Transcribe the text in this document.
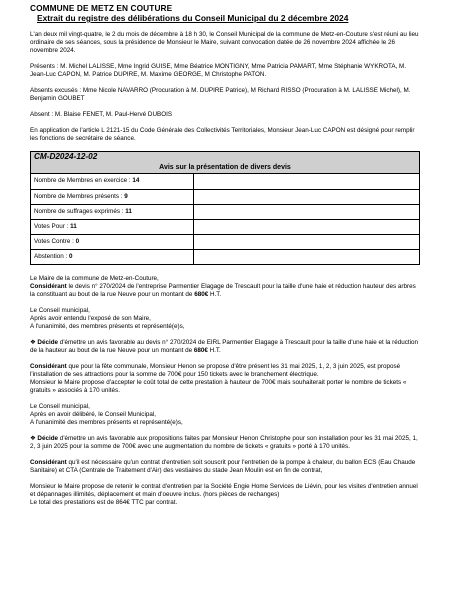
COMMUNE DE METZ EN COUTURE
Extrait du registre des délibérations du Conseil Municipal du 2 décembre 2024

L'an deux mil vingt-quatre, le 2 du mois de décembre à 18 h 30, le Conseil Municipal de la commune de Metz-en-Couture s'est réuni au lieu ordinaire de ses séances, sous la présidence de Monsieur le Maire, suivant convocation datée de 26 novembre 2024 affichée le 26 novembre 2024.

Présents : M. Michel LALISSE, Mme Ingrid GUISE, Mme Béatrice MONTIGNY, Mme Patricia PAMART, Mme Stéphanie WYKROTA, M. Jean-Luc CAPON, M. Patrice DUPIRE, M. Maxime GEORGE, M Christophe PATON.

Absents excusés : Mme Nicole NAVARRO (Procuration à M. DUPIRE Patrice), M Richard RISSO (Procuration à M. LALISSE Michel), M. Benjamin GOUBET

Absent : M. Blaise FENET, M. Paul-Hervé DUBOIS

En application de l'article L 2121-15 du Code Générale des Collectivités Territoriales, Monsieur Jean-Luc CAPON est désigné pour remplir les fonctions de secrétaire de séance.

CM-D2024-12-02
Avis sur la présentation de divers devis
Nombre de Membres en exercice : 14	
Nombre de Membres présents : 9	
Nombre de suffrages exprimés : 11	
Votes Pour : 11	
Votes Contre : 0	
Abstention : 0	

Le Maire de la commune de Metz-en-Couture,

Considérant le devis n° 270/2024 de l'entreprise Parmentier Elagage de Trescault pour la taille d'une haie et réduction hauteur des arbres la constituant au bout de la rue Neuve pour un montant de 680€ H.T.

Le Conseil municipal,

Après avoir entendu l'exposé de son Maire,

A l'unanimité, des membres présents et représenté(e)s,

❖ Décide d'émettre un avis favorable au devis n° 270/2024 de EIRL Parmentier Elagage à Trescault pour la taille d'une haie et la réduction de la hauteur au bout de la rue Neuve pour un montant de 680€ H.T.

Considérant que pour la fête communale, Monsieur Henon se propose d'être présent les 31 mai 2025, 1, 2, 3 juin 2025, est proposé l'installation de ses attractions pour la somme de 700€ pour 150 tickets avec le branchement électrique.

Monsieur le Maire propose d'accepter le coût total de cette prestation à hauteur de 700€ mais souhaiterait porter le nombre de tickets « gratuits » associés à 170 unités.

Le Conseil municipal,

Après en avoir délibéré, le Conseil Municipal,

A l'unanimité des membres présents et représenté(e)s,

❖ Décide d'émettre un avis favorable aux propositions faites par Monsieur Henon Christophe pour son installation pour les 31 mai 2025, 1, 2, 3 juin 2025 pour la somme de 700€ avec une augmentation du nombre de tickets « gratuits » porté à 170 unités.

Considérant qu'il est nécessaire qu'un contrat d'entretien soit souscrit pour l'entretien de la pompe à chaleur, du ballon ECS (Eau Chaude Sanitaire) et CTA (Centrale de Traitement d'Air) des vestiaires du stade Jean Moulin est en fin de contrat,

Monsieur le Maire propose de retenir le contrat d'entretien par la Société Engie Home Services de Liévin, pour les visites d'entretien annuel et dépannages illimités, déplacement et main d'oeuvre inclus. (hors pièces de rechanges)

Le total des prestations est de 864€ TTC par contrat.
